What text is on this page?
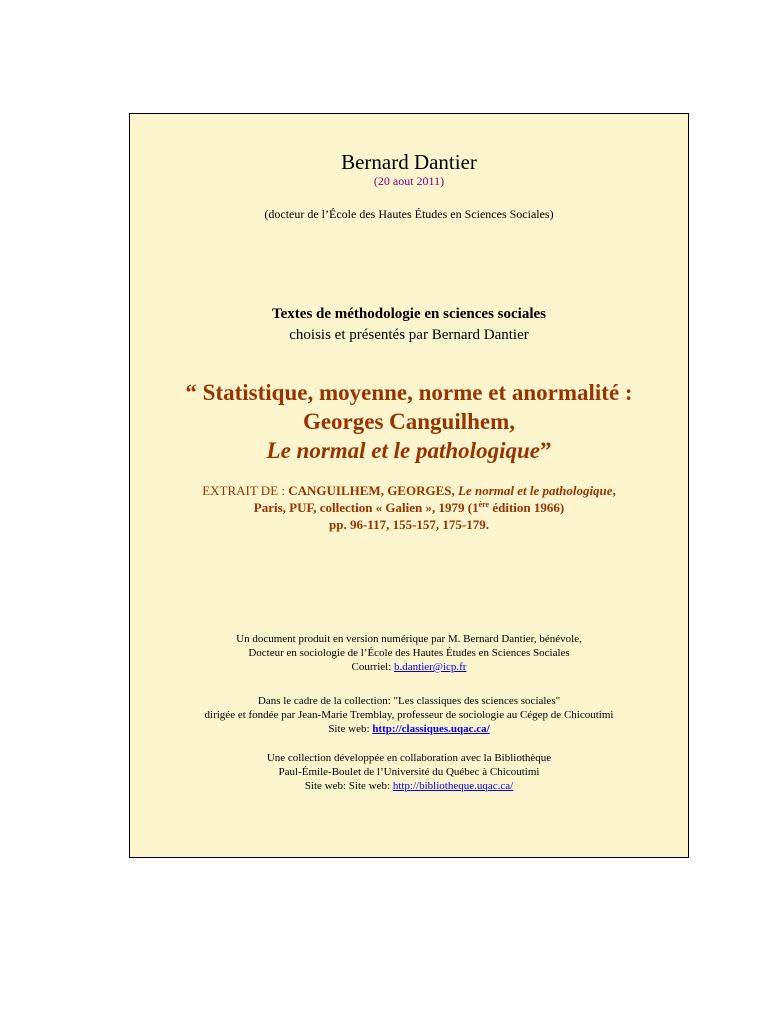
Bernard Dantier
(20 aout 2011)
(docteur de l’École des Hautes Études en Sciences Sociales)
Textes de méthodologie en sciences sociales
choisis et présentés par Bernard Dantier
“ Statistique, moyenne, norme et anormalité :
Georges Canguilhem,
Le normal et le pathologique”
EXTRAIT DE : CANGUILHEM, GEORGES, Le normal et le pathologique,
Paris, PUF, collection « Galien », 1979 (1ère édition 1966)
pp. 96-117, 155-157, 175-179.
Un document produit en version numérique par M. Bernard Dantier, bénévole,
Docteur en sociologie de l’École des Hautes Études en Sciences Sociales
Courriel: b.dantier@icp.fr
Dans le cadre de la collection: "Les classiques des sciences sociales"
dirigée et fondée par Jean-Marie Tremblay, professeur de sociologie au Cégep de Chicoutimi
Site web: http://classiques.uqac.ca/
Une collection développée en collaboration avec la Bibliothèque
Paul-Émile-Boulet de l’Université du Québec à Chicoutimi
Site web: Site web: http://bibliotheque.uqac.ca/
